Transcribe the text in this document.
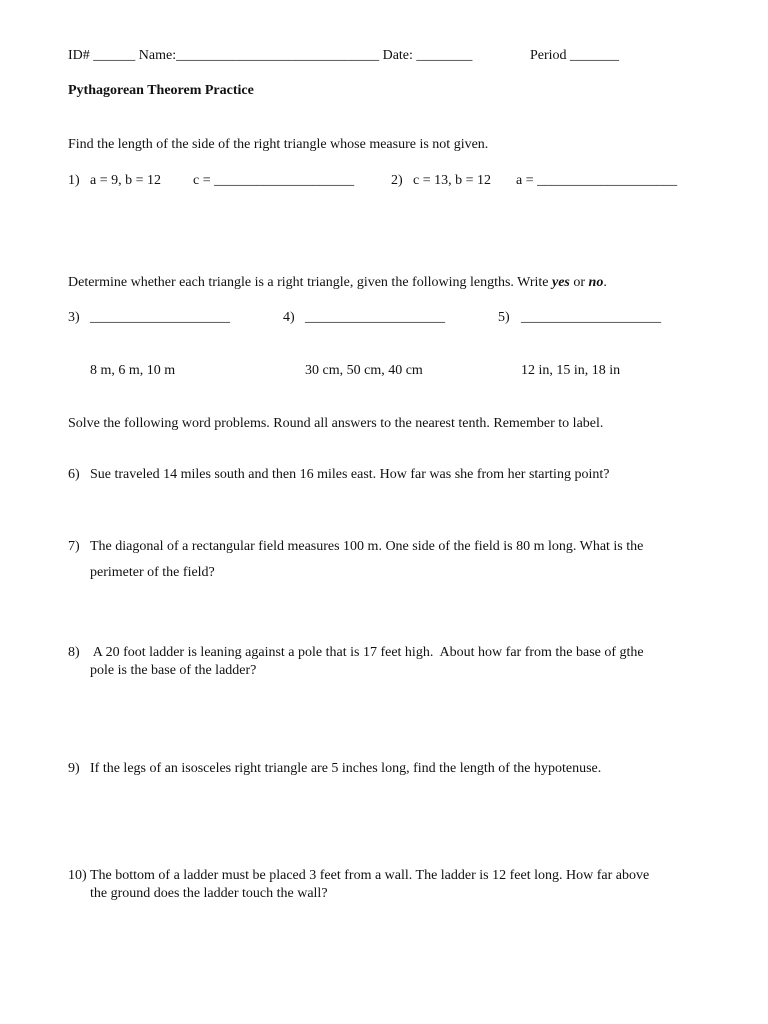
ID# ______ Name:_____________________________ Date: ________	Period _______
Pythagorean Theorem Practice
Find the length of the side of the right triangle whose measure is not given.
1) a = 9, b = 12 c = ____________________	2) c = 13, b = 12 a = ____________________
Determine whether each triangle is a right triangle, given the following lengths. Write yes or no.
3) ____________________	4) ____________________	5) ____________________
8 m, 6 m, 10 m	30 cm, 50 cm, 40 cm	12 in, 15 in, 18 in
Solve the following word problems. Round all answers to the nearest tenth. Remember to label.
6) Sue traveled 14 miles south and then 16 miles east. How far was she from her starting point?
7) The diagonal of a rectangular field measures 100 m. One side of the field is 80 m long. What is the
perimeter of the field?
8) A 20 foot ladder is leaning against a pole that is 17 feet high.  About how far from the base of gthe
pole is the base of the ladder?
9) If the legs of an isosceles right triangle are 5 inches long, find the length of the hypotenuse.
10) The bottom of a ladder must be placed 3 feet from a wall. The ladder is 12 feet long. How far above
the ground does the ladder touch the wall?
